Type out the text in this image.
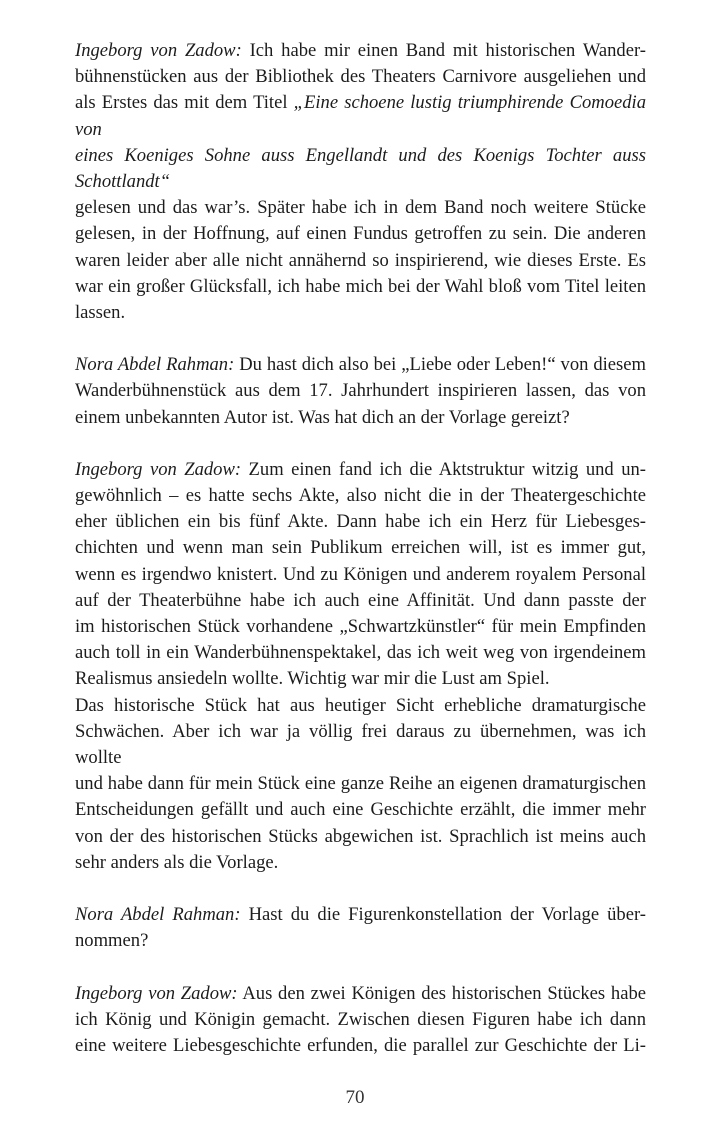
Ingeborg von Zadow: Ich habe mir einen Band mit historischen Wander-
bühnenstücken aus der Bibliothek des Theaters Carnivore ausgeliehen und
als Erstes das mit dem Titel „Eine schoene lustig triumphirende Comoedia von
eines Koeniges Sohne auss Engellandt und des Koenigs Tochter auss Schottlandt“
gelesen und das war’s. Später habe ich in dem Band noch weitere Stücke
gelesen, in der Hoffnung, auf einen Fundus getroffen zu sein. Die anderen
waren leider aber alle nicht annähernd so inspirierend, wie dieses Erste. Es
war ein großer Glücksfall, ich habe mich bei der Wahl bloß vom Titel leiten
lassen.
Nora Abdel Rahman: Du hast dich also bei „Liebe oder Leben!“ von diesem
Wanderbühnenstück aus dem 17. Jahrhundert inspirieren lassen, das von
einem unbekannten Autor ist. Was hat dich an der Vorlage gereizt?
Ingeborg von Zadow: Zum einen fand ich die Aktstruktur witzig und un-
gewöhnlich – es hatte sechs Akte, also nicht die in der Theatergeschichte
eher üblichen ein bis fünf Akte. Dann habe ich ein Herz für Liebesges-
chichten und wenn man sein Publikum erreichen will, ist es immer gut,
wenn es irgendwo knistert. Und zu Königen und anderem royalem Personal
auf der Theaterbühne habe ich auch eine Affinität. Und dann passte der
im historischen Stück vorhandene „Schwartzkünstler“ für mein Empfinden
auch toll in ein Wanderbühnenspektakel, das ich weit weg von irgendeinem
Realismus ansiedeln wollte. Wichtig war mir die Lust am Spiel.
Das historische Stück hat aus heutiger Sicht erhebliche dramaturgische
Schwächen. Aber ich war ja völlig frei daraus zu übernehmen, was ich wollte
und habe dann für mein Stück eine ganze Reihe an eigenen dramaturgischen
Entscheidungen gefällt und auch eine Geschichte erzählt, die immer mehr
von der des historischen Stücks abgewichen ist. Sprachlich ist meins auch
sehr anders als die Vorlage.
Nora Abdel Rahman: Hast du die Figurenkonstellation der Vorlage über-
nommen?
Ingeborg von Zadow: Aus den zwei Königen des historischen Stückes habe
ich König und Königin gemacht. Zwischen diesen Figuren habe ich dann
eine weitere Liebesgeschichte erfunden, die parallel zur Geschichte der Li-
70
